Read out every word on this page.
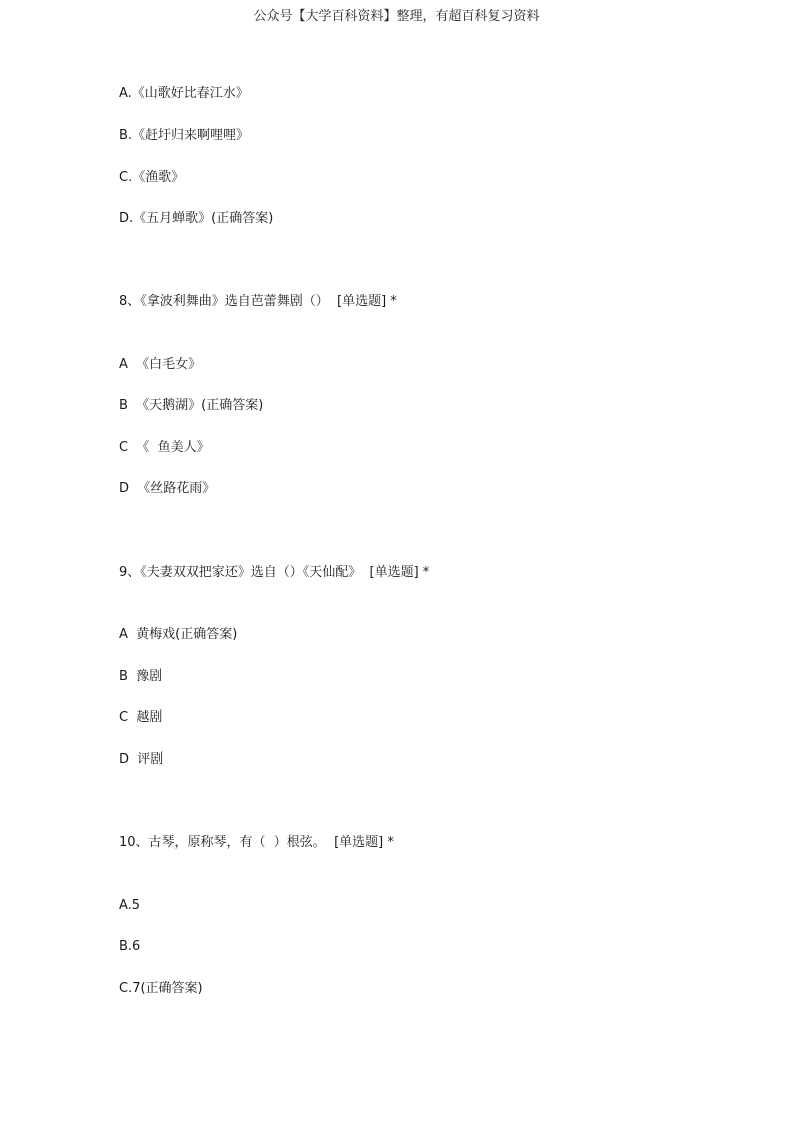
公众号【大学百科资料】整理，有超百科复习资料
A.《山歌好比春江水》
B.《赶圩归来啊哩哩》
C.《渔歌》
D.《五月蝉歌》(正确答案)
8、《拿波利舞曲》选自芭蕾舞剧（）  [单选题] *
A  《白毛女》
B  《天鹅湖》(正确答案)
C  《  鱼美人》
D  《丝路花雨》
9、《夫妻双双把家还》选自（）《天仙配》  [单选题] *
A  黄梅戏(正确答案)
B  豫剧
C  越剧
D  评剧
10、古琴，原称琴，有（  ）根弦。  [单选题] *
A.5
B.6
C.7(正确答案)
